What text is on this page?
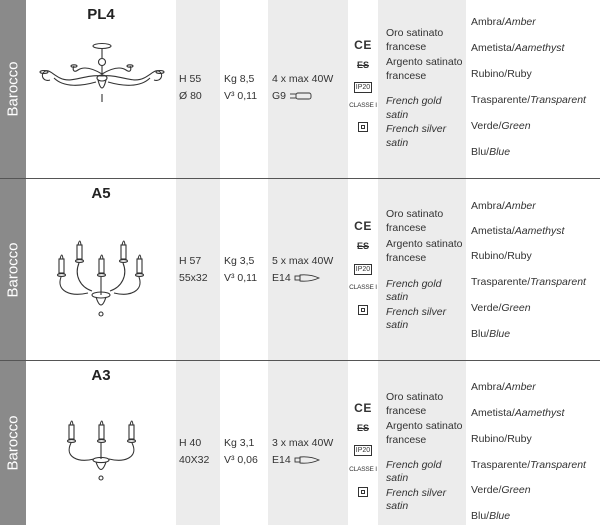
Barocco
PL4
H 55
Ø 80
Kg 8,5
V³ 0,11
4 x max 40W
G9
CE
ES
IP20
CLASSE I
Oro satinato
francese
Argento satinato
francese
French gold
satin
French silver
satin
Ambra/Amber
Ametista/Aamethyst
Rubino/Ruby
Trasparente/Transparent
Verde/Green
Blu/Blue
Barocco
A5
H 57
55x32
Kg 3,5
V³ 0,11
5 x max 40W
E14
CE
ES
IP20
CLASSE I
Oro satinato
francese
Argento satinato
francese
French gold
satin
French silver
satin
Ambra/Amber
Ametista/Aamethyst
Rubino/Ruby
Trasparente/Transparent
Verde/Green
Blu/Blue
Barocco
A3
H 40
40X32
Kg 3,1
V³ 0,06
3 x max 40W
E14
CE
ES
IP20
CLASSE I
Oro satinato
francese
Argento satinato
francese
French gold
satin
French silver
satin
Ambra/Amber
Ametista/Aamethyst
Rubino/Ruby
Trasparente/Transparent
Verde/Green
Blu/Blue
